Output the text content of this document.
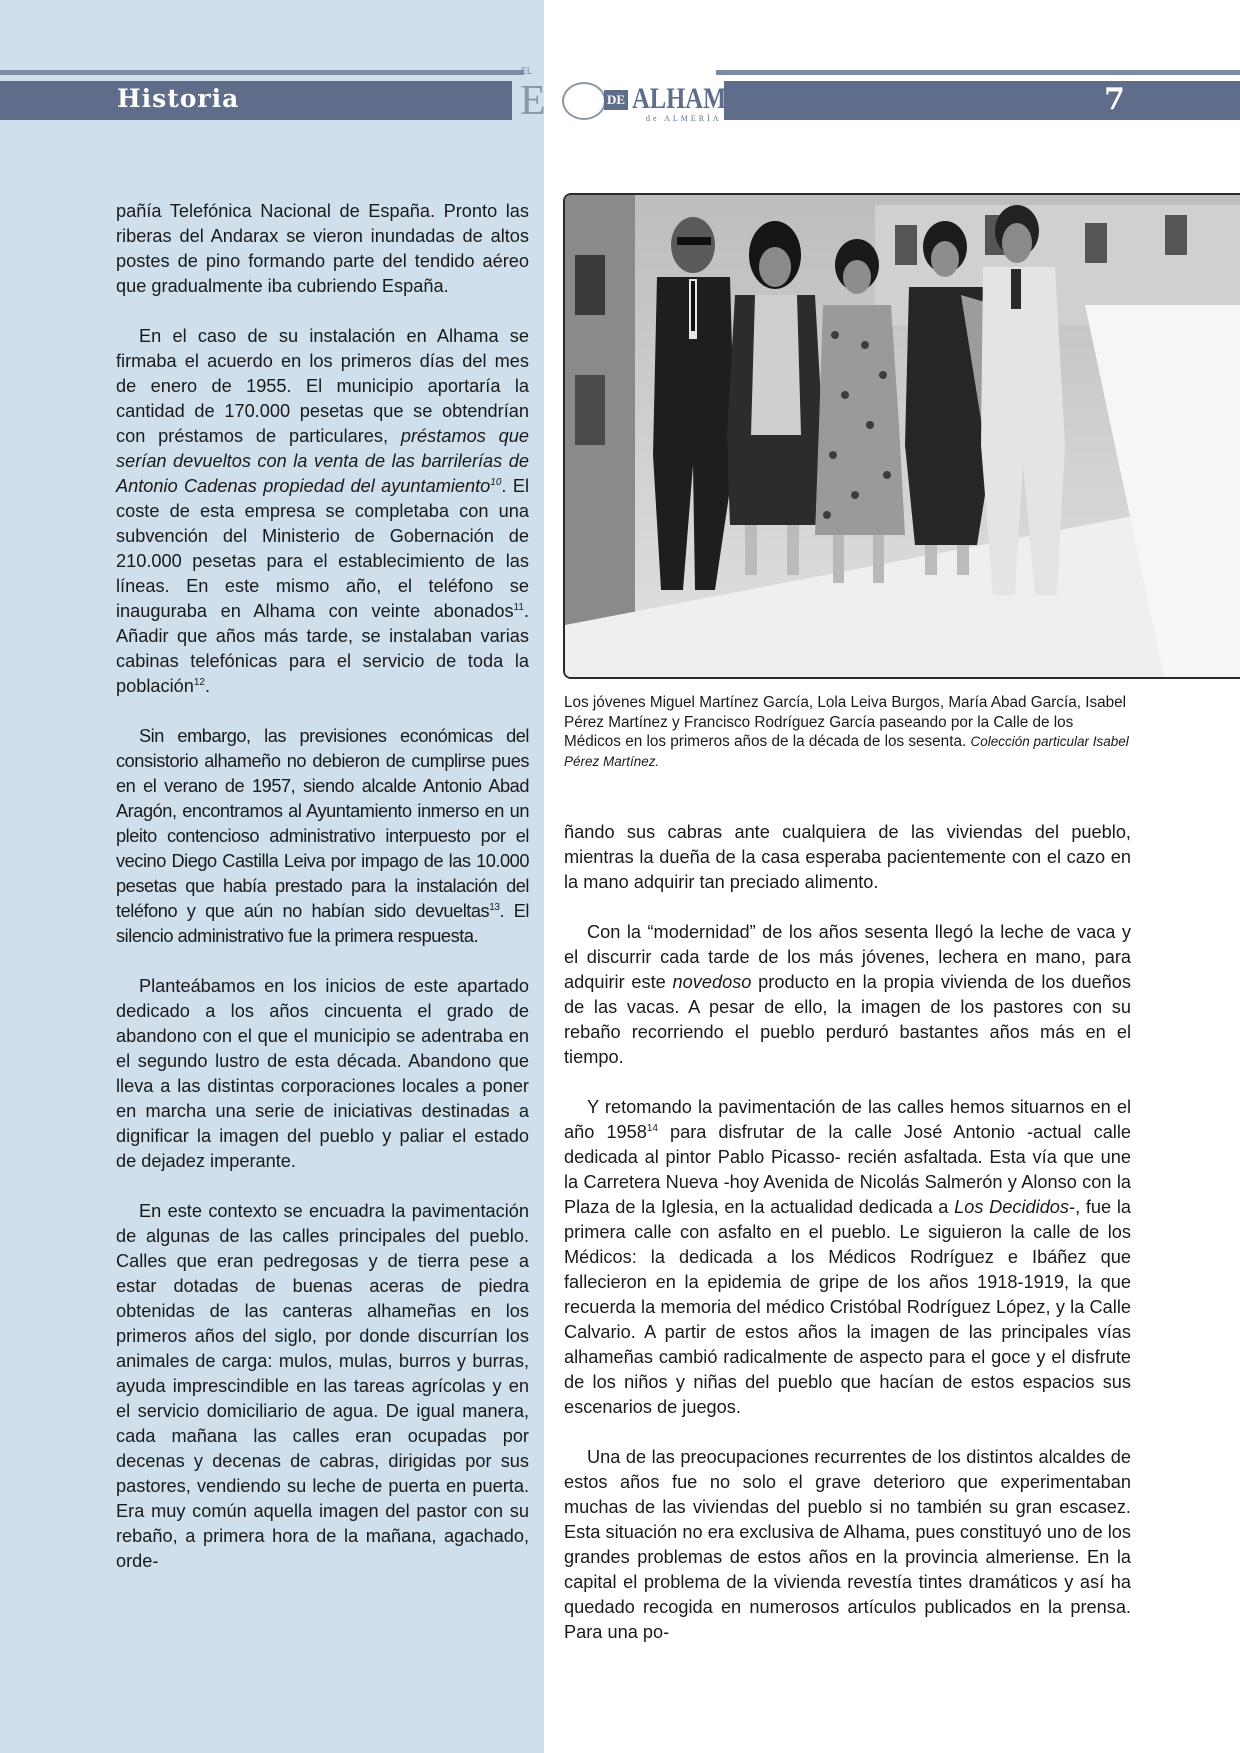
Historia	7
EL
E	DE ALHAMA
de ALMERÍA

pañía Telefónica Nacional de España. Pronto las riberas del Andarax se vieron inundadas de altos postes de pino formando parte del tendido aéreo que gradualmente iba cubriendo España.

En el caso de su instalación en Alhama se firmaba el acuerdo en los primeros días del mes de enero de 1955. El municipio aportaría la cantidad de 170.000 pesetas que se obtendrían con préstamos de particulares, préstamos que serían devueltos con la venta de las barrilerías de Antonio Cadenas propiedad del ayuntamiento$^{10}$. El coste de esta empresa se completaba con una subvención del Ministerio de Gobernación de 210.000 pesetas para el establecimiento de las líneas. En este mismo año, el teléfono se inauguraba en Alhama con veinte abonados$^{11}$. Añadir que años más tarde, se instalaban varias cabinas telefónicas para el servicio de toda la población$^{12}$.

Sin embargo, las previsiones económicas del consistorio alhameño no debieron de cumplirse pues en el verano de 1957, siendo alcalde Antonio Abad Aragón, encontramos al Ayuntamiento inmerso en un pleito contencioso administrativo interpuesto por el vecino Diego Castilla Leiva por impago de las 10.000 pesetas que había prestado para la instalación del teléfono y que aún no habían sido devueltas$^{13}$. El silencio administrativo fue la primera respuesta.

Planteábamos en los inicios de este apartado dedicado a los años cincuenta el grado de abandono con el que el municipio se adentraba en el segundo lustro de esta década. Abandono que lleva a las distintas corporaciones locales a poner en marcha una serie de iniciativas destinadas a dignificar la imagen del pueblo y paliar el estado de dejadez imperante.

En este contexto se encuadra la pavimentación de algunas de las calles principales del pueblo. Calles que eran pedregosas y de tierra pese a estar dotadas de buenas aceras de piedra obtenidas de las canteras alhameñas en los primeros años del siglo, por donde discurrían los animales de carga: mulos, mulas, burros y burras, ayuda imprescindible en las tareas agrícolas y en el servicio domiciliario de agua. De igual manera, cada mañana las calles eran ocupadas por decenas y decenas de cabras, dirigidas por sus pastores, vendiendo su leche de puerta en puerta. Era muy común aquella imagen del pastor con su rebaño, a primera hora de la mañana, agachado, orde-

Los jóvenes Miguel Martínez García, Lola Leiva Burgos, María Abad García, Isabel Pérez Martínez y Francisco Rodríguez García paseando por la Calle de los Médicos en los primeros años de la década de los sesenta. Colección particular Isabel Pérez Martínez.

ñando sus cabras ante cualquiera de las viviendas del pueblo, mientras la dueña de la casa esperaba pacientemente con el cazo en la mano adquirir tan preciado alimento.

Con la “modernidad” de los años sesenta llegó la leche de vaca y el discurrir cada tarde de los más jóvenes, lechera en mano, para adquirir este novedoso producto en la propia vivienda de los dueños de las vacas. A pesar de ello, la imagen de los pastores con su rebaño recorriendo el pueblo perduró bastantes años más en el tiempo.

Y retomando la pavimentación de las calles hemos situarnos en el año 1958$^{14}$ para disfrutar de la calle José Antonio -actual calle dedicada al pintor Pablo Picasso- recién asfaltada. Esta vía que une la Carretera Nueva -hoy Avenida de Nicolás Salmerón y Alonso con la Plaza de la Iglesia, en la actualidad dedicada a Los Decididos-, fue la primera calle con asfalto en el pueblo. Le siguieron la calle de los Médicos: la dedicada a los Médicos Rodríguez e Ibáñez que fallecieron en la epidemia de gripe de los años 1918-1919, la que recuerda la memoria del médico Cristóbal Rodríguez López, y la Calle Calvario. A partir de estos años la imagen de las principales vías alhameñas cambió radicalmente de aspecto para el goce y el disfrute de los niños y niñas del pueblo que hacían de estos espacios sus escenarios de juegos.

Una de las preocupaciones recurrentes de los distintos alcaldes de estos años fue no solo el grave deterioro que experimentaban muchas de las viviendas del pueblo si no también su gran escasez. Esta situación no era exclusiva de Alhama, pues constituyó uno de los grandes problemas de estos años en la provincia almeriense. En la capital el problema de la vivienda revestía tintes dramáticos y así ha quedado recogida en numerosos artículos publicados en la prensa. Para una po-
